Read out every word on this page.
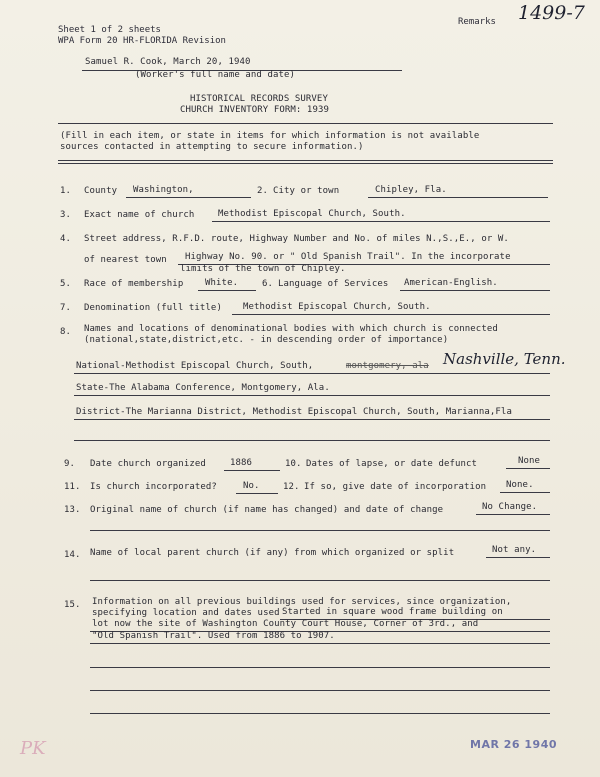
Sheet 1 of 2 sheets
WPA Form 20 HR-FLORIDA Revision
Remarks 1499-7
Samuel R. Cook, March 20, 1940
(Worker's full name and date)
HISTORICAL RECORDS SURVEY
CHURCH INVENTORY FORM: 1939
(Fill in each item, or state in items for which information is not available
sources contacted in attempting to secure information.)
1. County Washington,	2. City or town	Chipley, Fla.
3. Exact name of church	Methodist Episcopal Church, South.
4. Street address, R.F.D. route, Highway Number and No. of miles N.,S.,E., or W.
of nearest town Highway No. 90. or " Old Spanish Trail". In the incorporate
limits of the town of Chipley.
5. Race of membership White.	6. Language of Services American-English.
7. Denomination (full title) Methodist Episcopal Church, South.
8. Names and locations of denominational bodies with which church is connected
(national,state,district,etc. - in descending order of importance)
National-Methodist Episcopal Church, South,	montgomery, ala Nashville, Tenn.
State-The Alabama Conference, Montgomery, Ala.
District-The Marianna District, Methodist Episcopal Church, South, Marianna,Fla
9. Date church organized	1886	10. Dates of lapse, or date defunct	None
11. Is church incorporated?	No.	12. If so, give date of incorporation None.
13. Original name of church (if name has changed) and date of change	No Change.
14. Name of local parent church (if any) from which organized or split	Not any.
15. Information on all previous buildings used for services, since organization,
specifying location and dates used Started in square wood frame building on
lot now the site of Washington County Court House, Corner of 3rd., and
"Old Spanish Trail". Used from 1886 to 1907.
MAR 26 1940
PK
